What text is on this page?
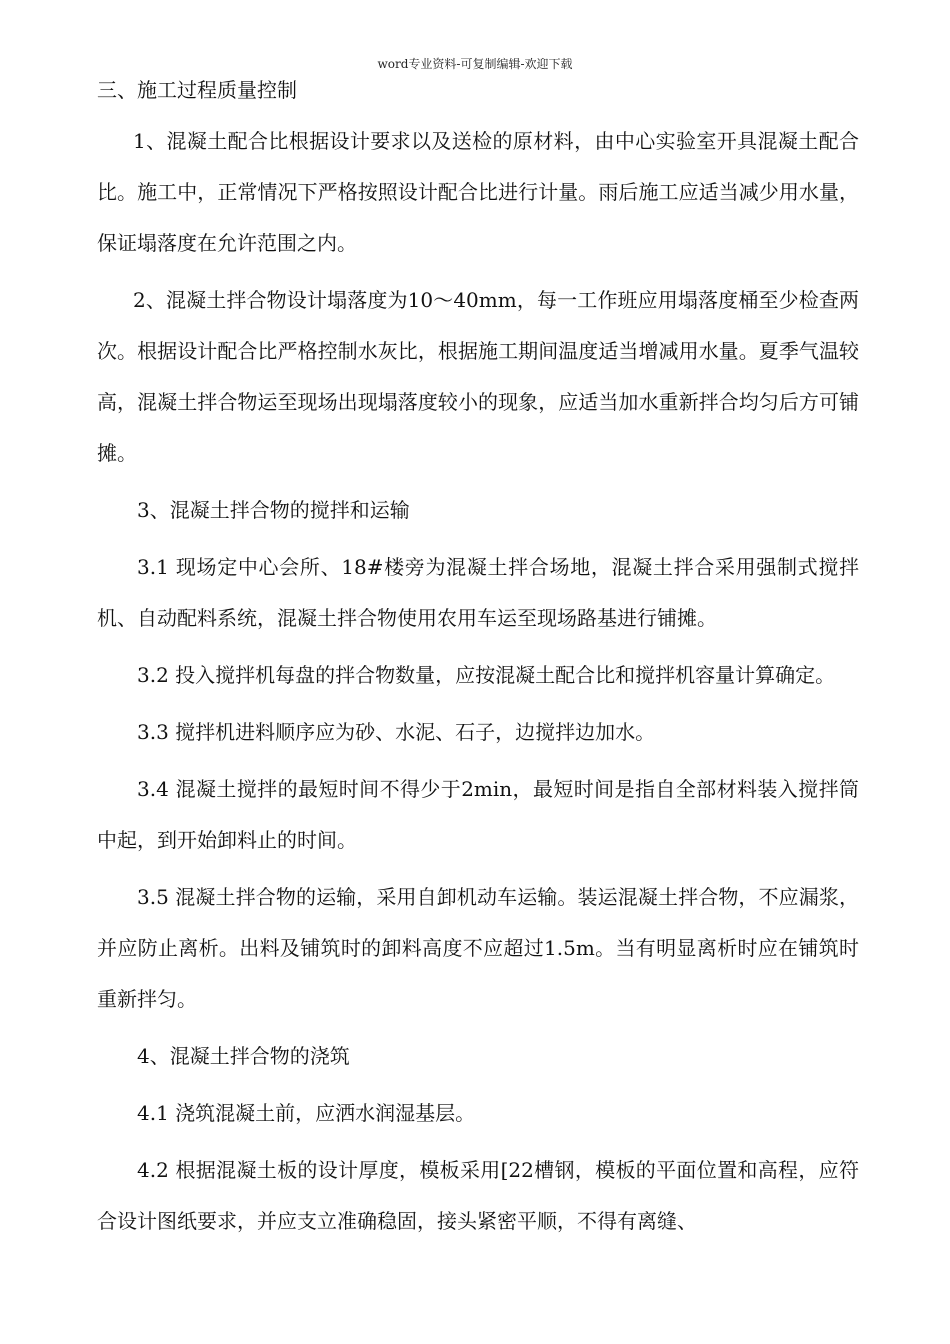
word专业资料-可复制编辑-欢迎下载
三、施工过程质量控制

1、混凝土配合比根据设计要求以及送检的原材料，由中心实验室开具混凝土配合比。施工中，正常情况下严格按照设计配合比进行计量。雨后施工应适当减少用水量，保证塌落度在允许范围之内。

2、混凝土拌合物设计塌落度为10～40mm，每一工作班应用塌落度桶至少检查两次。根据设计配合比严格控制水灰比，根据施工期间温度适当增减用水量。夏季气温较高，混凝土拌合物运至现场出现塌落度较小的现象，应适当加水重新拌合均匀后方可铺摊。

3、混凝土拌合物的搅拌和运输

3.1 现场定中心会所、18#楼旁为混凝土拌合场地，混凝土拌合采用强制式搅拌机、自动配料系统，混凝土拌合物使用农用车运至现场路基进行铺摊。

3.2 投入搅拌机每盘的拌合物数量，应按混凝土配合比和搅拌机容量计算确定。

3.3 搅拌机进料顺序应为砂、水泥、石子，边搅拌边加水。

3.4 混凝土搅拌的最短时间不得少于2min，最短时间是指自全部材料装入搅拌筒中起，到开始卸料止的时间。

3.5 混凝土拌合物的运输，采用自卸机动车运输。装运混凝土拌合物，不应漏浆，并应防止离析。出料及铺筑时的卸料高度不应超过1.5m。当有明显离析时应在铺筑时重新拌匀。

4、混凝土拌合物的浇筑

4.1 浇筑混凝土前，应洒水润湿基层。

4.2 根据混凝土板的设计厚度，模板采用[22槽钢，模板的平面位置和高程，应符合设计图纸要求，并应支立准确稳固，接头紧密平顺，不得有离缝、
